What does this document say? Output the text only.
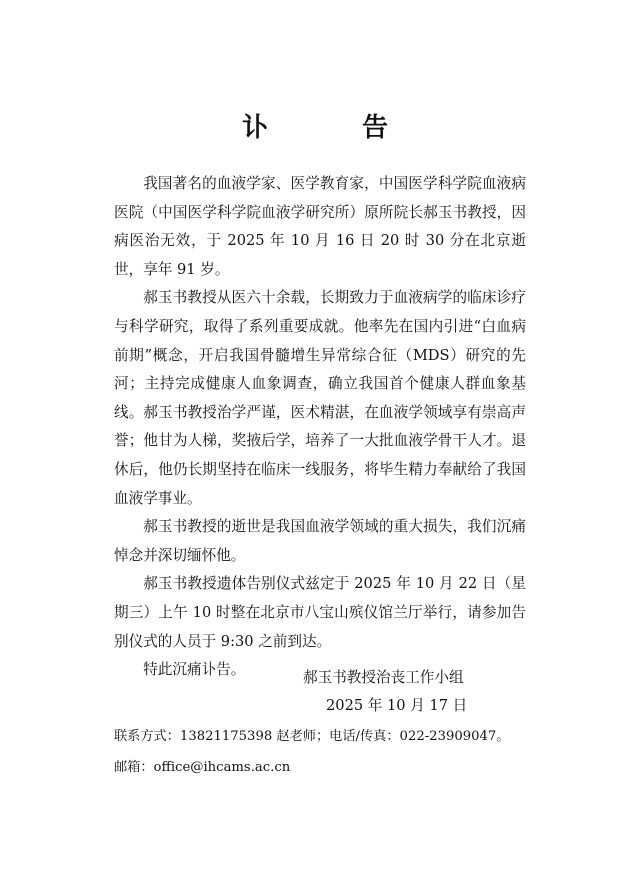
讣　告

我国著名的血液学家、医学教育家，中国医学科学院血液病医院（中国医学科学院血液学研究所）原所院长郝玉书教授，因病医治无效，于 2025 年 10 月 16 日 20 时 30 分在北京逝世，享年 91 岁。

郝玉书教授从医六十余载，长期致力于血液病学的临床诊疗与科学研究，取得了系列重要成就。他率先在国内引进“白血病前期”概念，开启我国骨髓增生异常综合征（MDS）研究的先河；主持完成健康人血象调查，确立我国首个健康人群血象基线。郝玉书教授治学严谨，医术精湛，在血液学领域享有崇高声誉；他甘为人梯，奖掖后学，培养了一大批血液学骨干人才。退休后，他仍长期坚持在临床一线服务，将毕生精力奉献给了我国血液学事业。

郝玉书教授的逝世是我国血液学领域的重大损失，我们沉痛悼念并深切缅怀他。

郝玉书教授遗体告别仪式兹定于 2025 年 10 月 22 日（星期三）上午 10 时整在北京市八宝山殡仪馆兰厅举行，请参加告别仪式的人员于 9:30 之前到达。

特此沉痛讣告。	郝玉书教授治丧工作小组
2025 年 10 月 17 日
联系方式：13821175398 赵老师；电话/传真：022-23909047。
邮箱：office@ihcams.ac.cn
